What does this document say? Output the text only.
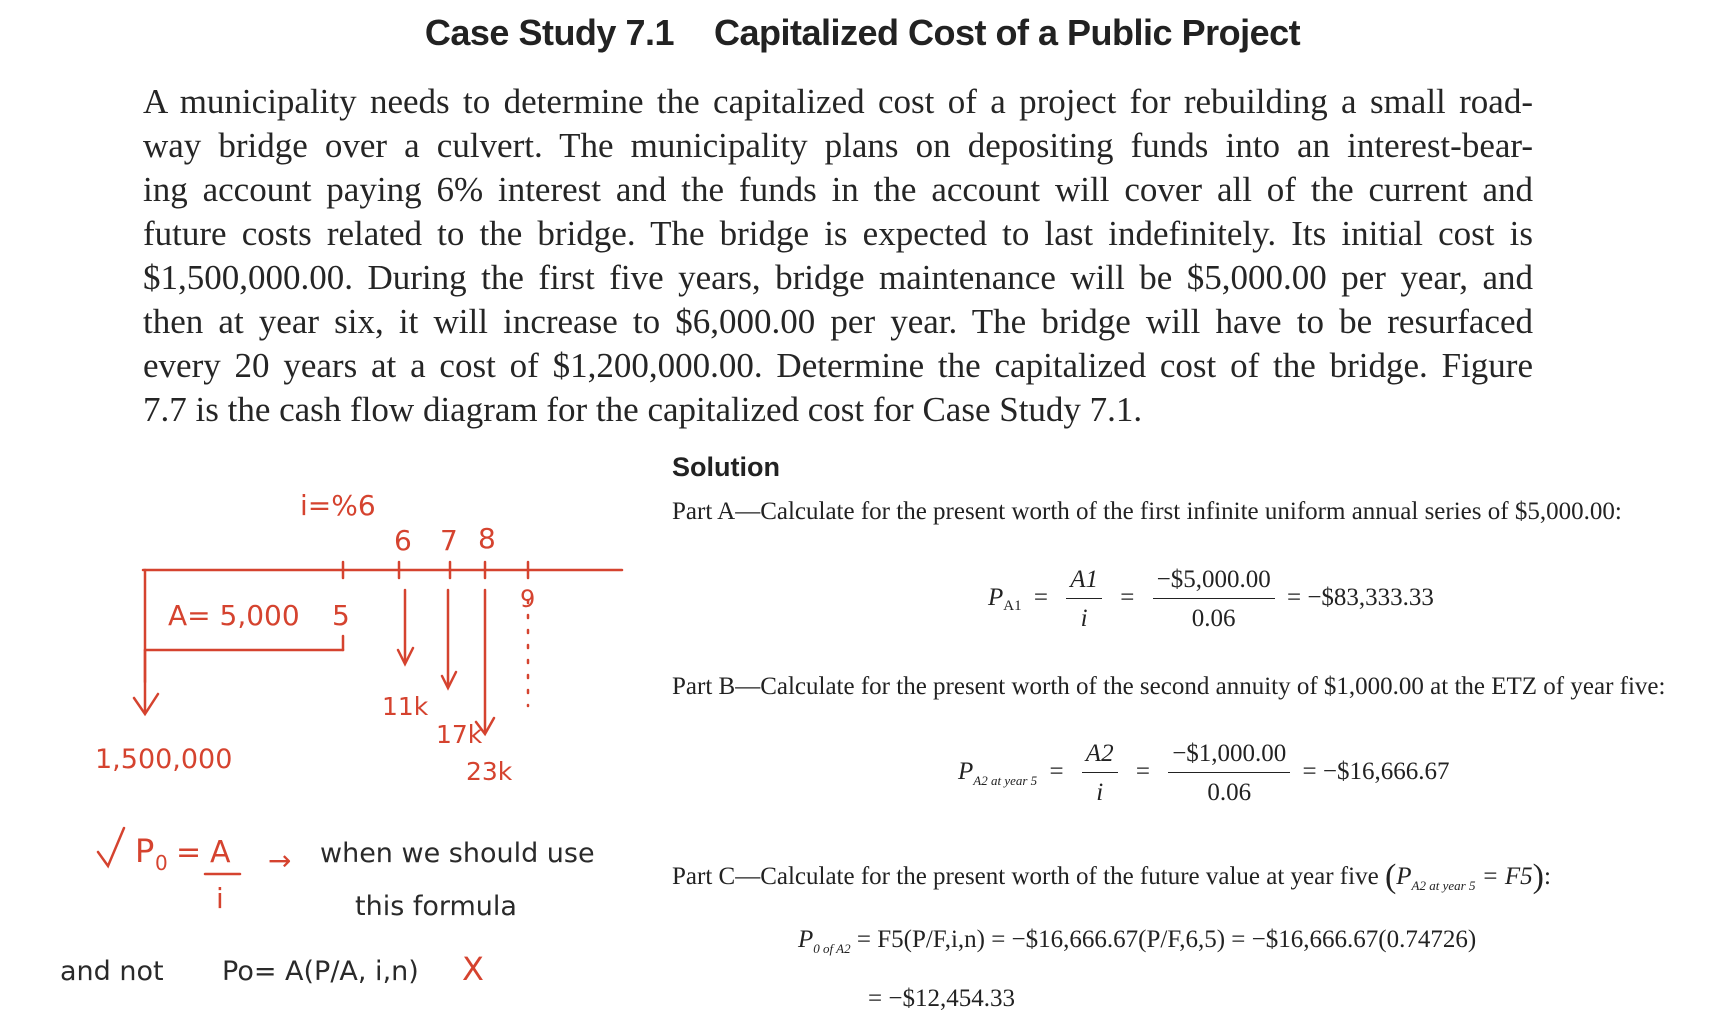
Case Study 7.1 Capitalized Cost of a Public Project
A municipality needs to determine the capitalized cost of a project for rebuilding a small road-
way bridge over a culvert. The municipality plans on depositing funds into an interest-bear-
ing account paying 6% interest and the funds in the account will cover all of the current and
future costs related to the bridge. The bridge is expected to last indefinitely. Its initial cost is
$1,500,000.00. During the first five years, bridge maintenance will be $5,000.00 per year, and
then at year six, it will increase to $6,000.00 per year. The bridge will have to be resurfaced
every 20 years at a cost of $1,200,000.00. Determine the capitalized cost of the bridge. Figure
7.7 is the cash flow diagram for the capitalized cost for Case Study 7.1.
i=%6
A= 5,000 5
6 7 8
9
1,500,000
11k
17k
23k
P 0 = A
i
→ when we should use
this formula
and not Po= A(P/A, i,n) X
Solution
Part A—Calculate for the present worth of the first infinite uniform annual series of $5,000.00:
$P_{A1} = \frac{A1}{i} = \frac{-\$5,000.00}{0.06}$ = −$83,333.33
Part B—Calculate for the present worth of the second annuity of $1,000.00 at the ETZ of year five:
$P_{A2 at year 5} = \frac{A2}{i} = \frac{-\$1,000.00}{0.06}$ = −$16,666.67
Part C—Calculate for the present worth of the future value at year five $(P_{A2 at year 5} = F5)$:
$P_{0 of A2} = F5(P/F,i,n)$ = −$16,666.67(P/F,6,5) = −$16,666.67(0.74726)
= −$12,454.33
